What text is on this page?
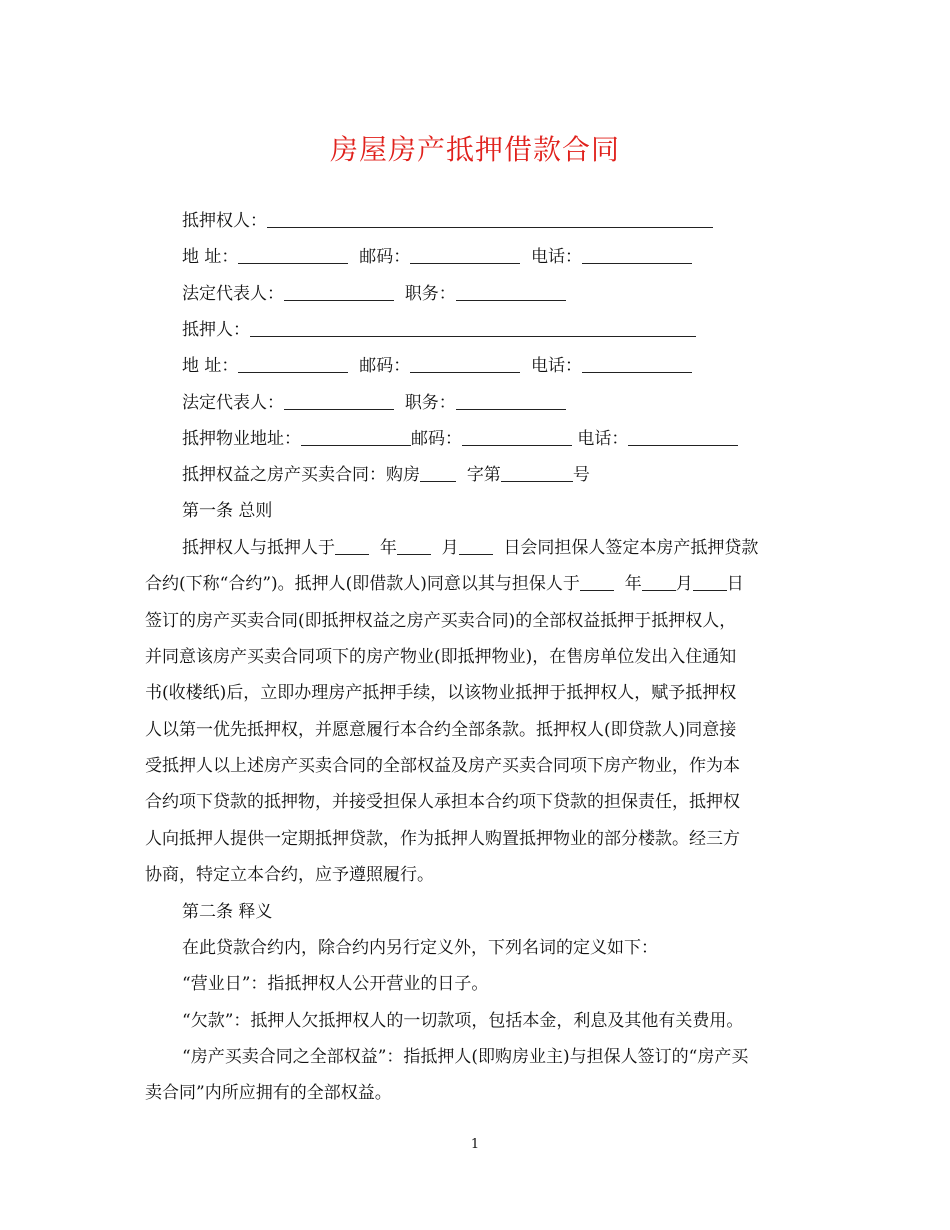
房屋房产抵押借款合同
抵押权人：
地 址：	邮码：	电话：
法定代表人：	职务：
抵押人：
地 址：	邮码：	电话：
法定代表人：	职务：
抵押物业地址：	邮码：	电话：
抵押权益之房产买卖合同：购房	字第	号
第一条 总则
抵押权人与抵押人于	年	月	日会同担保人签定本房产抵押贷款
合约(下称“合约”)。抵押人(即借款人)同意以其与担保人于	年 月 日
签订的房产买卖合同(即抵押权益之房产买卖合同)的全部权益抵押于抵押权人，
并同意该房产买卖合同项下的房产物业(即抵押物业)，在售房单位发出入住通知
书(收楼纸)后，立即办理房产抵押手续，以该物业抵押于抵押权人，赋予抵押权
人以第一优先抵押权，并愿意履行本合约全部条款。抵押权人(即贷款人)同意接
受抵押人以上述房产买卖合同的全部权益及房产买卖合同项下房产物业，作为本
合约项下贷款的抵押物，并接受担保人承担本合约项下贷款的担保责任，抵押权
人向抵押人提供一定期抵押贷款，作为抵押人购置抵押物业的部分楼款。经三方
协商，特定立本合约，应予遵照履行。
第二条 释义
在此贷款合约内，除合约内另行定义外，下列名词的定义如下：
“营业日”：指抵押权人公开营业的日子。
“欠款”：抵押人欠抵押权人的一切款项，包括本金，利息及其他有关费用。
“房产买卖合同之全部权益”：指抵押人(即购房业主)与担保人签订的“房产买
卖合同”内所应拥有的全部权益。
1
